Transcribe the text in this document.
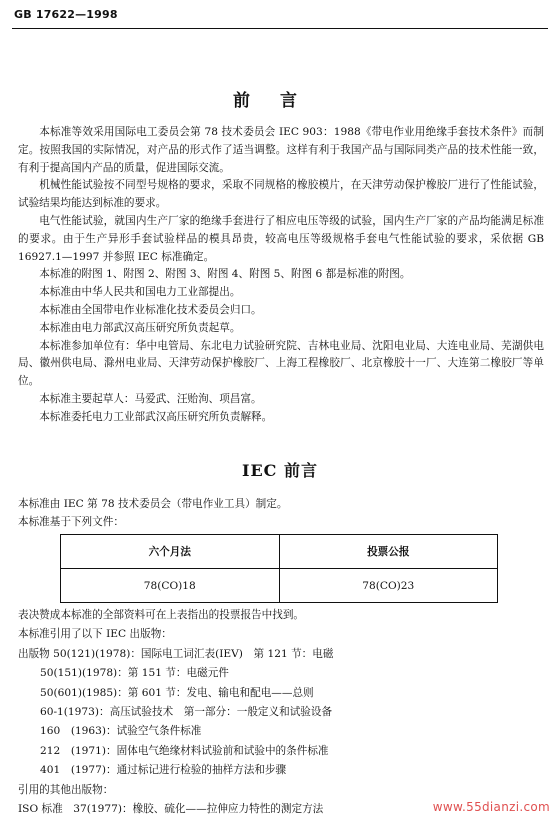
GB 17622—1998
前言

本标准等效采用国际电工委员会第 78 技术委员会 IEC 903：1988《带电作业用绝缘手套技术条件》而制定。按照我国的实际情况，对产品的形式作了适当调整。这样有利于我国产品与国际同类产品的技术性能一致，有利于提高国内产品的质量，促进国际交流。

机械性能试验按不同型号规格的要求，采取不同规格的橡胶模片，在天津劳动保护橡胶厂进行了性能试验，试验结果均能达到标准的要求。

电气性能试验，就国内生产厂家的绝缘手套进行了相应电压等级的试验，国内生产厂家的产品均能满足标准的要求。由于生产异形手套试验样品的模具昂贵，较高电压等级规格手套电气性能试验的要求，采依据 GB 16927.1—1997 并参照 IEC 标准确定。

本标准的附图 1、附图 2、附图 3、附图 4、附图 5、附图 6 都是标准的附图。

本标准由中华人民共和国电力工业部提出。

本标准由全国带电作业标准化技术委员会归口。

本标准由电力部武汉高压研究所负责起草。

本标准参加单位有：华中电管局、东北电力试验研究院、吉林电业局、沈阳电业局、大连电业局、芜湖供电局、徽州供电局、滁州电业局、天津劳动保护橡胶厂、上海工程橡胶厂、北京橡胶十一厂、大连第二橡胶厂等单位。

本标准主要起草人：马爱武、汪贻洵、项昌富。

本标准委托电力工业部武汉高压研究所负责解释。

IEC 前言

本标准由 IEC 第 78 技术委员会（带电作业工具）制定。

本标准基于下列文件：

六个月法	投票公报
78(CO)18	78(CO)23
表决赞成本标准的全部资料可在上表指出的投票报告中找到。
本标准引用了以下 IEC 出版物：
出版物 50(121)(1978)：国际电工词汇表(IEV)　第 121 节：电磁
50(151)(1978)：第 151 节：电磁元件
50(601)(1985)：第 601 节：发电、输电和配电——总则
60-1(1973)：高压试验技术　第一部分：一般定义和试验设备
160　(1963)：试验空气条件标准
212　(1971)：固体电气绝缘材料试验前和试验中的条件标准
401　(1977)：通过标记进行检验的抽样方法和步骤
引用的其他出版物：
ISO 标准　37(1977)：橡胶、硫化——拉伸应力特性的测定方法	www.55dianzi.com
